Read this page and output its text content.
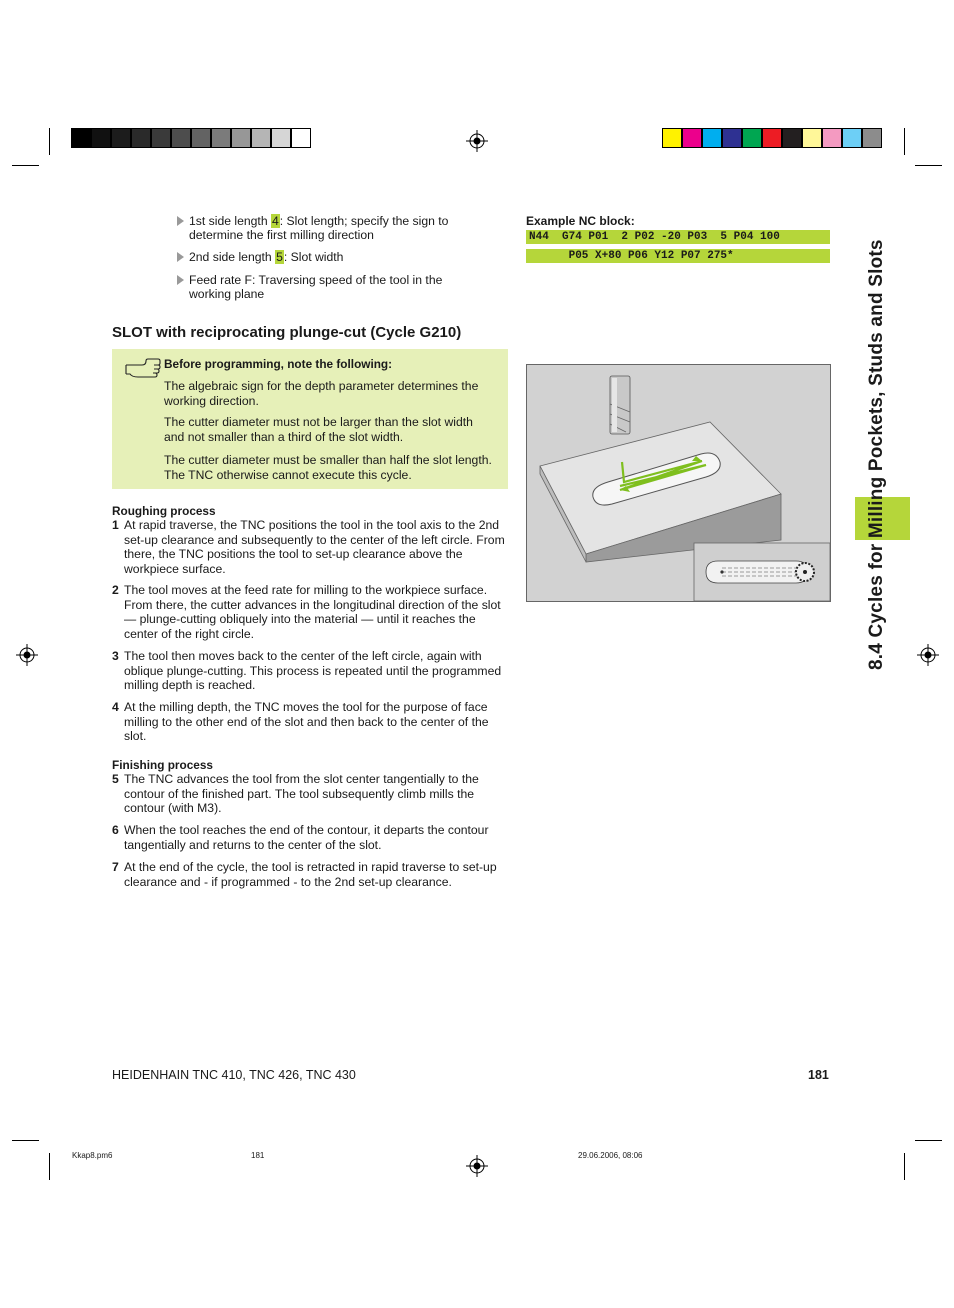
1st side length 4: Slot length; specify the sign to determine the first milling direction
2nd side length 5: Slot width
Feed rate F: Traversing speed of the tool in the working plane
SLOT with reciprocating plunge-cut (Cycle G210)

Before programming, note the following:

The algebraic sign for the depth parameter determines the working direction.

The cutter diameter must not be larger than the slot width and not smaller than a third of the slot width.

The cutter diameter must be smaller than half the slot length. The TNC otherwise cannot execute this cycle.

Roughing process
1 At rapid traverse, the TNC positions the tool in the tool axis to the 2nd set-up clearance and subsequently to the center of the left circle. From there, the TNC positions the tool to set-up clearance above the workpiece surface.
2 The tool moves at the feed rate for milling to the workpiece surface. From there, the cutter advances in the longitudinal direction of the slot — plunge-cutting obliquely into the material — until it reaches the center of the right circle.
3 The tool then moves back to the center of the left circle, again with oblique plunge-cutting. This process is repeated until the programmed milling depth is reached.
4 At the milling depth, the TNC moves the tool for the purpose of face milling to the other end of the slot and then back to the center of the slot.
Finishing process
5 The TNC advances the tool from the slot center tangentially to the contour of the finished part. The tool subsequently climb mills the contour (with M3).
6 When the tool reaches the end of the contour, it departs the contour tangentially and returns to the center of the slot.
7 At the end of the cycle, the tool is retracted in rapid traverse to set-up clearance and - if programmed - to the 2nd set-up clearance.
Example NC block:
N44  G74 P01  2 P02 -20 P03  5 P04 100
P05 X+80 P06 Y12 P07 275*	8.4 Cycles for Milling Pockets, Studs and Slots
HEIDENHAIN TNC 410, TNC 426, TNC 430	181
Kkap8.pm6	181	29.06.2006, 08:06
